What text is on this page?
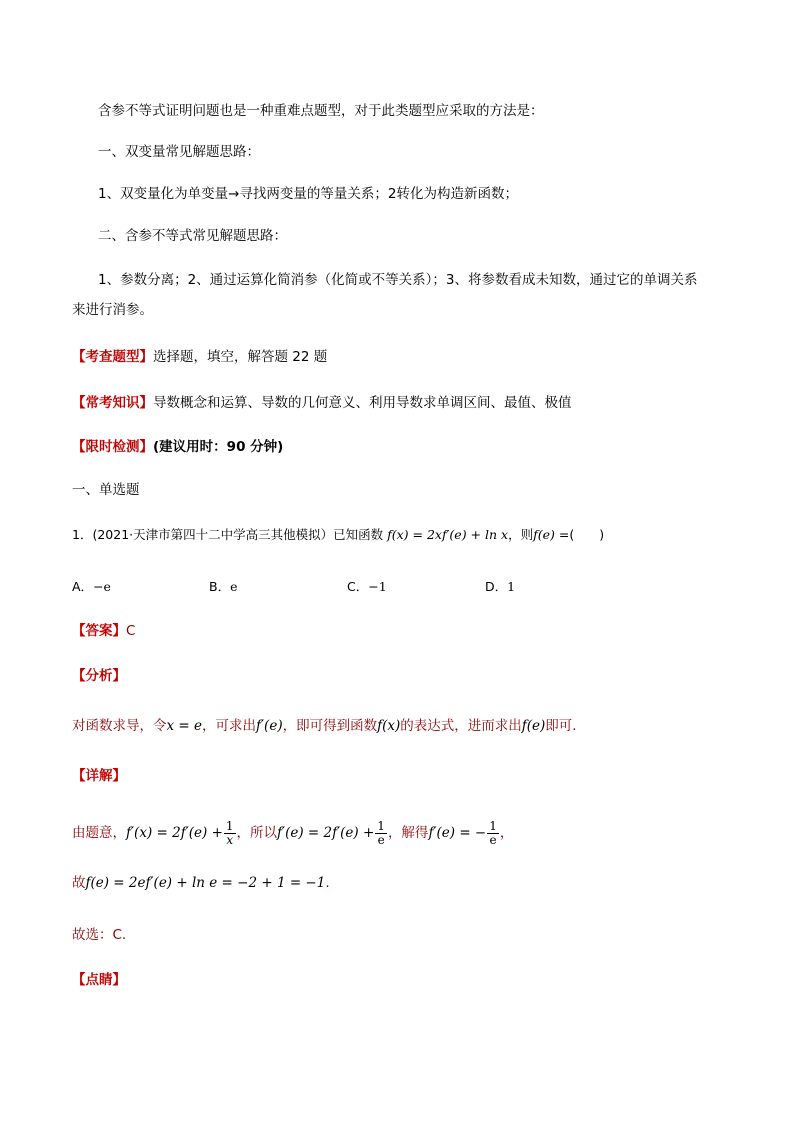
含参不等式证明问题也是一种重难点题型，对于此类题型应采取的方法是：
一、双变量常见解题思路：
1、双变量化为单变量→寻找两变量的等量关系；2转化为构造新函数；
二、含参不等式常见解题思路：
1、参数分离；2、通过运算化简消参（化简或不等关系）；3、将参数看成未知数，通过它的单调关系
来进行消参。
【考查题型】选择题，填空，解答题 22 题
【常考知识】导数概念和运算、导数的几何意义、利用导数求单调区间、最值、极值
【限时检测】(建议用时：90 分钟)
一、单选题
1．(2021·天津市第四十二中学高三其他模拟）已知函数 f(x) = 2xf′(e) + ln x，则f(e) =(　　)
A．−e	B．e	C．−1	D．1
【答案】C
【分析】
对函数求导，令x = e，可求出f′(e)，即可得到函数f(x)的表达式，进而求出f(e)即可.
【详解】
由题意，$f'(x) = 2f'(e) + \frac{1}{x}$ ，所以$f'(e) = 2f'(e) + \frac{1}{e}$ ，解得f′(e) = − $\frac{1}{e}$ ，
故f(e) = 2ef′(e) + ln e = −2 + 1 = −1.
故选：C.
【点睛】
